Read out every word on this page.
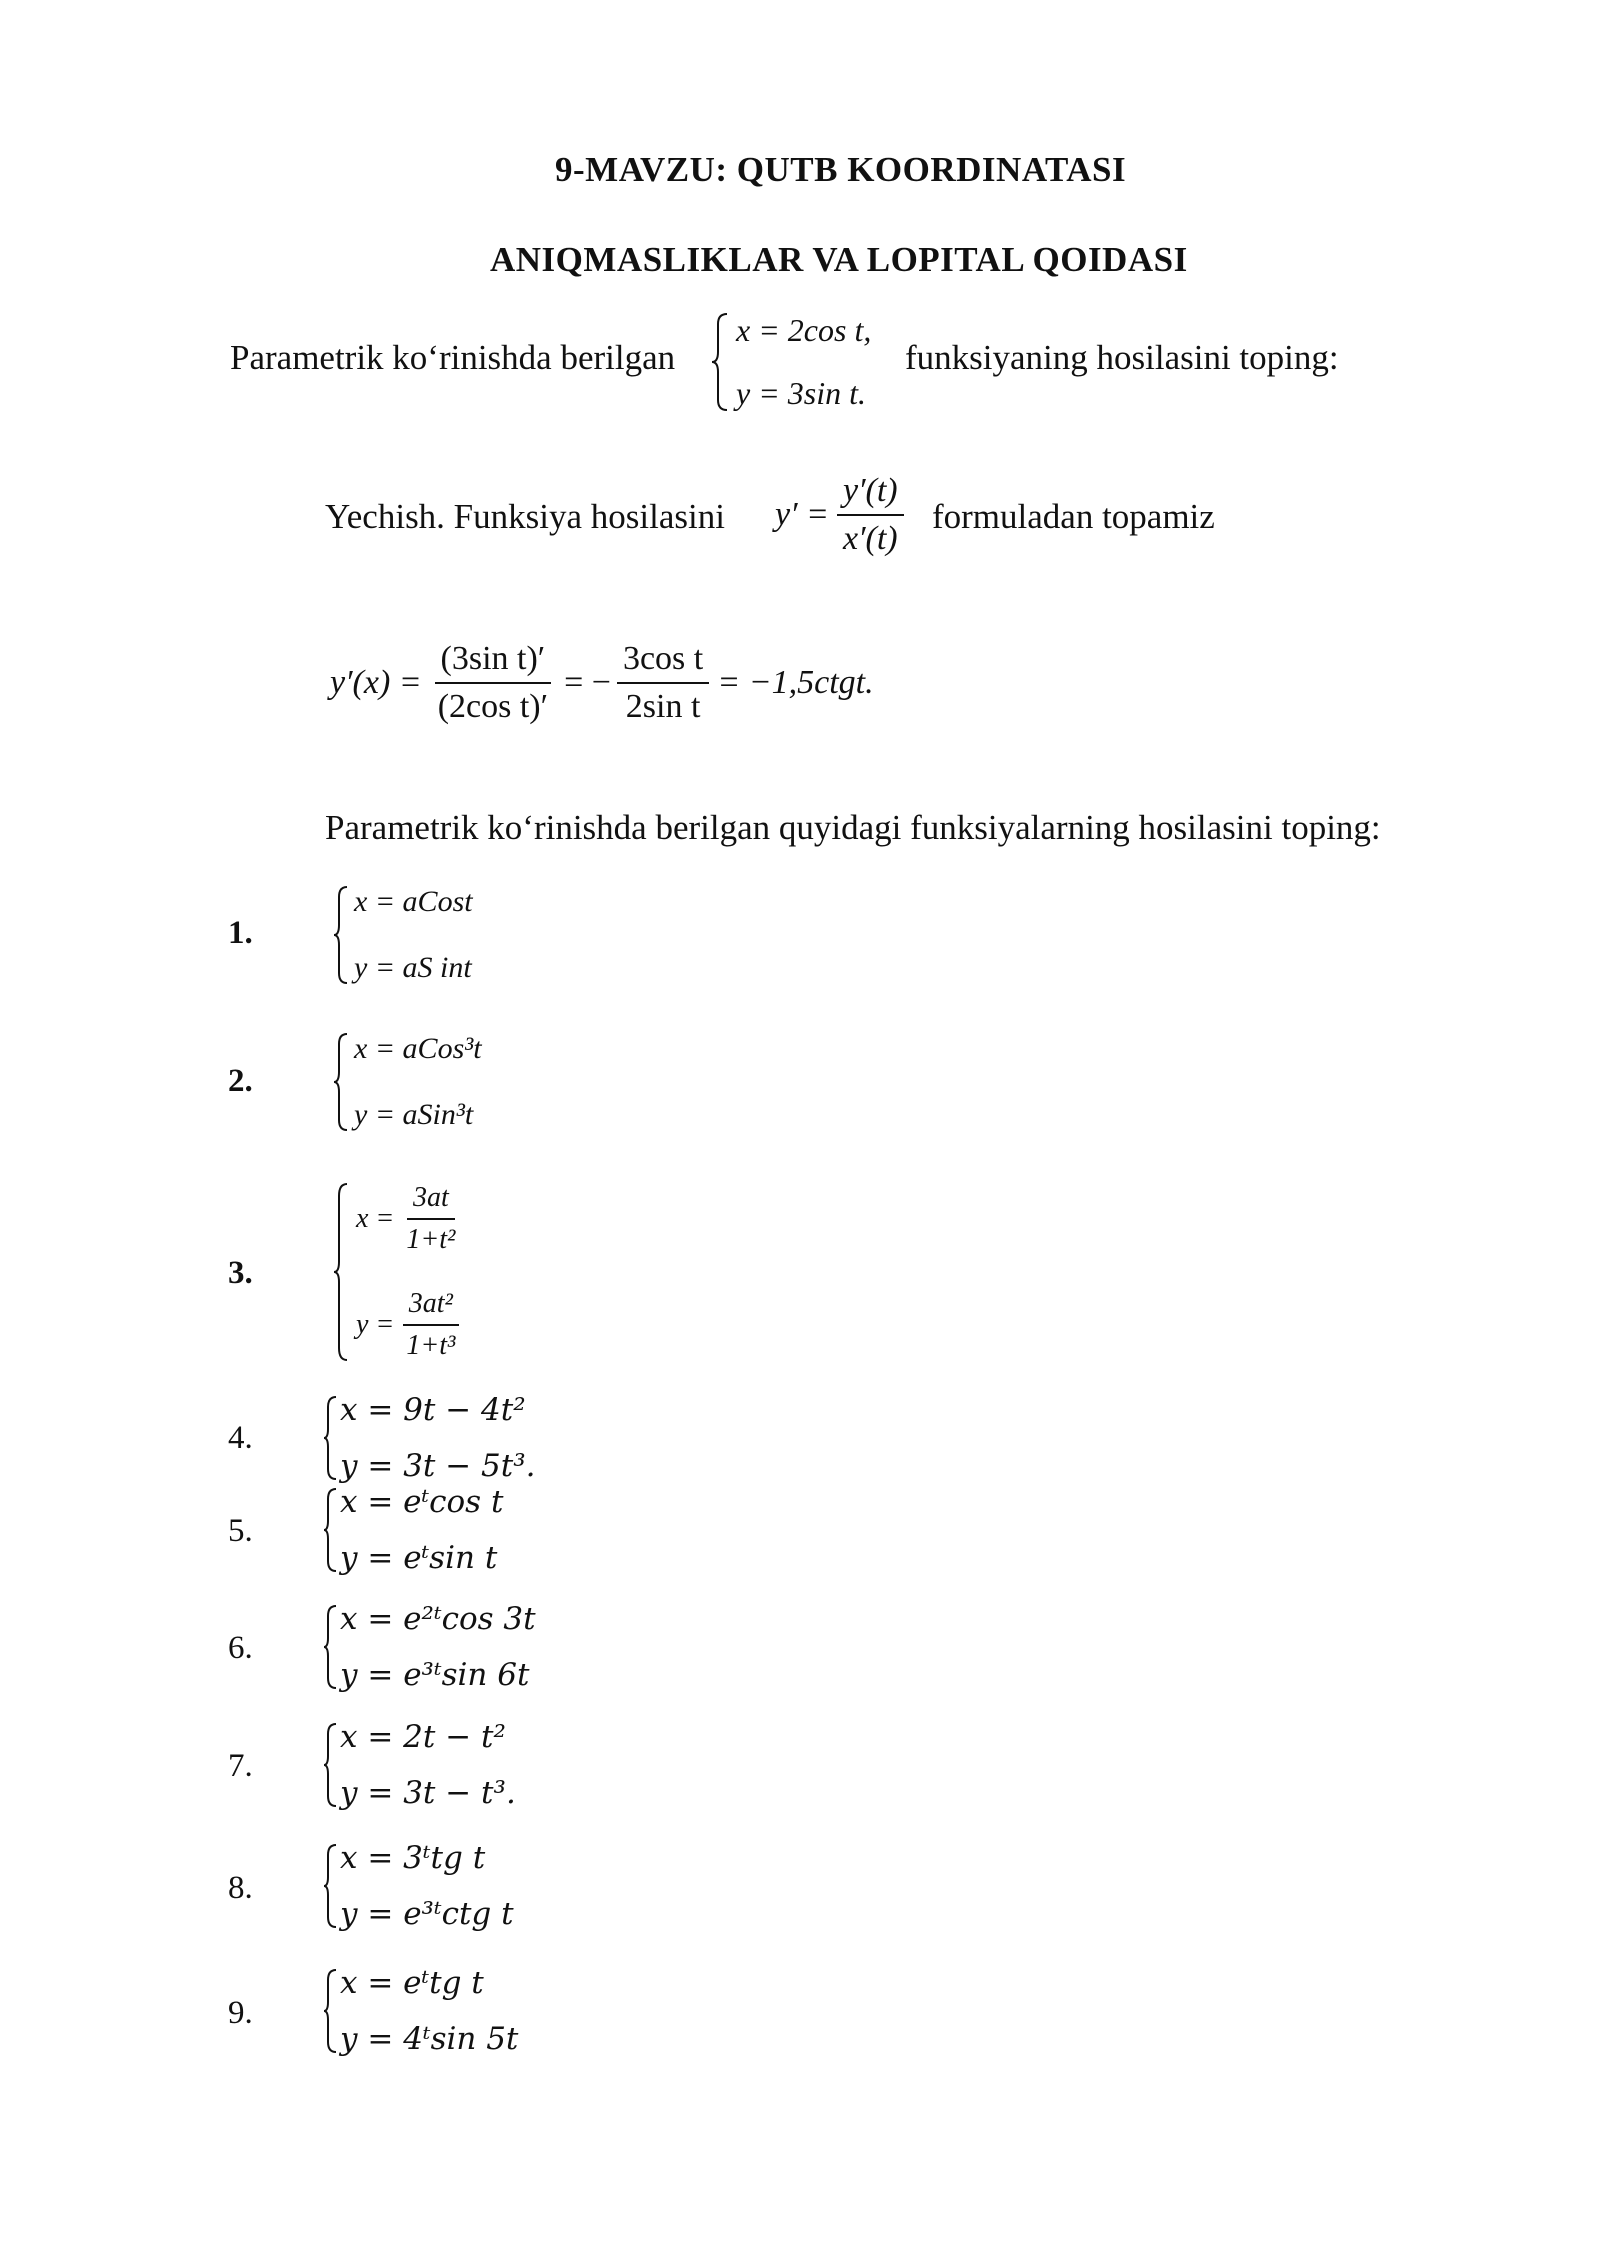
9-MAVZU: QUTB KOORDINATASI
ANIQMASLIKLAR VA LOPITAL QOIDASI
Parametrik ko‘rinishda berilgan
x = 2cos t,
y = 3sin t.
funksiyaning hosilasini toping:
Yechish. Funksiya hosilasini $y' = \frac{y'(t)}{x'(t)}$ formuladan topamiz
$y'(x) = \frac{\text{(3sin t)′}}{\text{(2cos t)′}}$ = − $\frac{\text{3cos t}}{\text{2sin t}}$ = −1,5ctgt.
Parametrik ko‘rinishda berilgan quyidagi funksiyalarning hosilasini toping:
1.
x = aCost
y = aS int
2.
x = aCos³t
y = aSin³t
3.
$x = \frac{3at}{\text{1+t²}}$
$y = \frac{\text{3at²}}{\text{1+t³}}$
4.
x = 9t − 4t²
y = 3t − 5t³.
5.
x = eᵗcos t
y = eᵗsin t
6.
x = e²ᵗcos 3t
y = e³ᵗsin 6t
7.
x = 2t − t²
y = 3t − t³.
8.
x = 3ᵗtg t
y = e³ᵗctg t
9.
x = eᵗtg t
y = 4ᵗsin 5t
